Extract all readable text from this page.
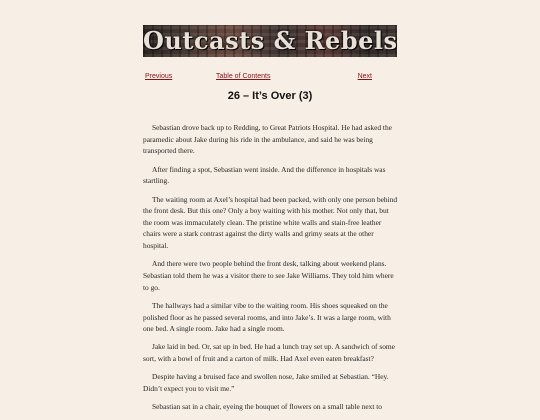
Outcasts & Rebels
Previous	Table of Contents	Next
26 – It’s Over (3)

Sebastian drove back up to Redding, to Great Patriots Hospital. He had asked the paramedic about Jake during his ride in the ambulance, and said he was being transported there.

After finding a spot, Sebastian went inside. And the difference in hospitals was startling.

The waiting room at Axel’s hospital had been packed, with only one person behind the front desk. But this one? Only a boy waiting with his mother. Not only that, but the room was immaculately clean. The pristine white walls and stain-free leather chairs were a stark contrast against the dirty walls and grimy seats at the other hospital.

And there were two people behind the front desk, talking about weekend plans. Sebastian told them he was a visitor there to see Jake Williams. They told him where to go.

The hallways had a similar vibe to the waiting room. His shoes squeaked on the polished floor as he passed several rooms, and into Jake’s. It was a large room, with one bed. A single room. Jake had a single room.

Jake laid in bed. Or, sat up in bed. He had a lunch tray set up. A sandwich of some sort, with a bowl of fruit and a carton of milk. Had Axel even eaten breakfast?

Despite having a bruised face and swollen nose, Jake smiled at Sebastian. “Hey. Didn’t expect you to visit me.”

Sebastian sat in a chair, eyeing the bouquet of flowers on a small table next to
